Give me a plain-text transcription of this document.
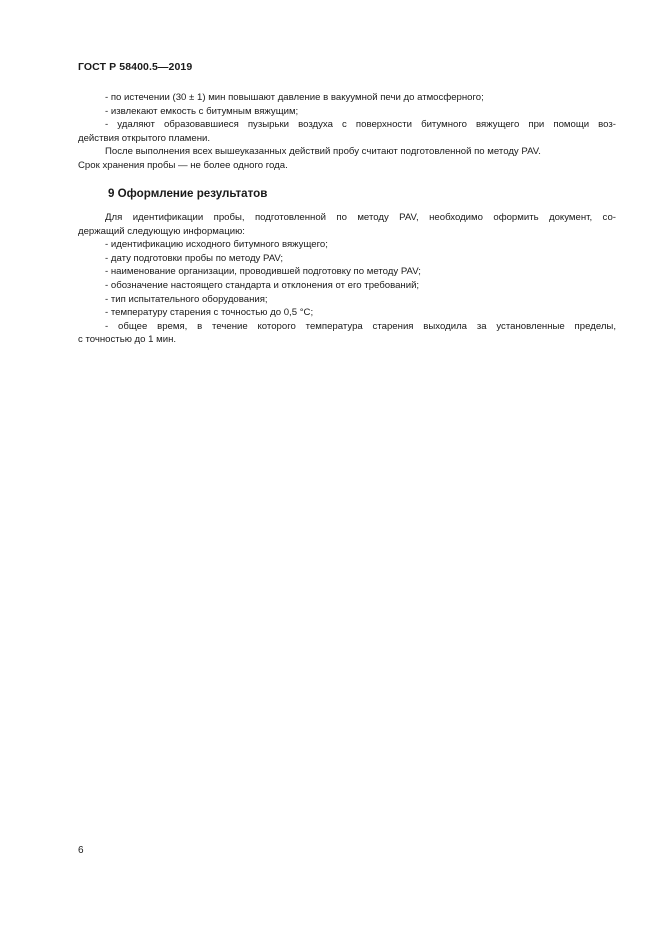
ГОСТ Р 58400.5—2019
- по истечении (30 ± 1) мин повышают давление в вакуумной печи до атмосферного;
- извлекают емкость с битумным вяжущим;
- удаляют образовавшиеся пузырьки воздуха с поверхности битумного вяжущего при помощи воз-
действия открытого пламени.
После выполнения всех вышеуказанных действий пробу считают подготовленной по методу PAV.
Срок хранения пробы — не более одного года.
9 Оформление результатов
Для идентификации пробы, подготовленной по методу PAV, необходимо оформить документ, со-
держащий следующую информацию:
- идентификацию исходного битумного вяжущего;
- дату подготовки пробы по методу PAV;
- наименование организации, проводившей подготовку по методу PAV;
- обозначение настоящего стандарта и отклонения от его требований;
- тип испытательного оборудования;
- температуру старения с точностью до 0,5 °С;
- общее время, в течение которого температура старения выходила за установленные пределы,
с точностью до 1 мин.
6
